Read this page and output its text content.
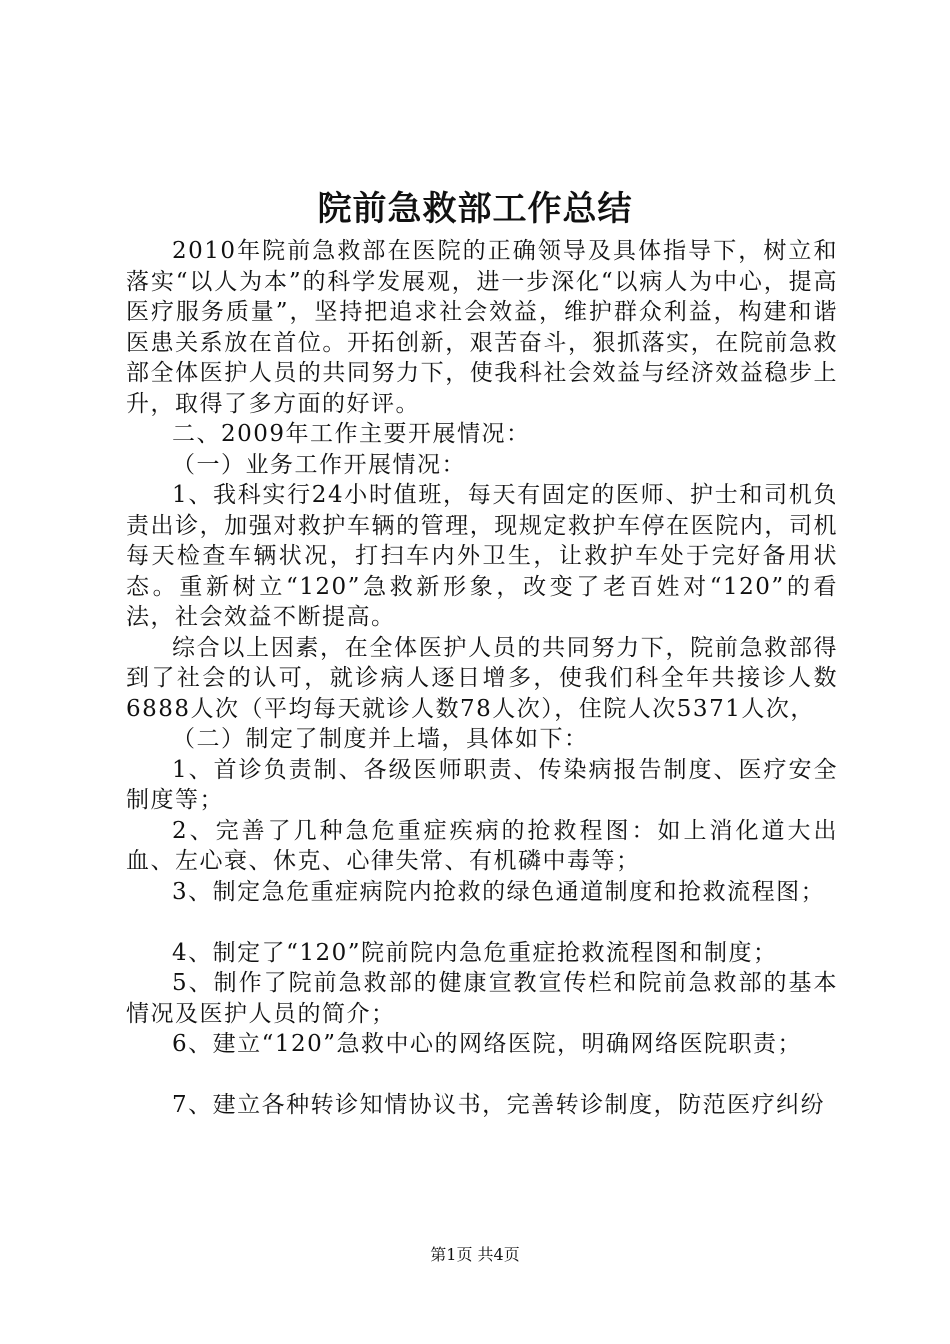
院前急救部工作总结

2010年院前急救部在医院的正确领导及具体指导下，树立和落实“以人为本”的科学发展观，进一步深化“以病人为中心，提高医疗服务质量”，坚持把追求社会效益，维护群众利益，构建和谐医患关系放在首位。开拓创新，艰苦奋斗，狠抓落实，在院前急救部全体医护人员的共同努力下，使我科社会效益与经济效益稳步上升，取得了多方面的好评。

二、2009年工作主要开展情况：

（一）业务工作开展情况：

1、我科实行24小时值班，每天有固定的医师、护士和司机负责出诊，加强对救护车辆的管理，现规定救护车停在医院内，司机每天检查车辆状况，打扫车内外卫生，让救护车处于完好备用状态。重新树立“120”急救新形象，改变了老百姓对“120”的看法，社会效益不断提高。

综合以上因素，在全体医护人员的共同努力下，院前急救部得到了社会的认可，就诊病人逐日增多，使我们科全年共接诊人数6888人次（平均每天就诊人数78人次），住院人次5371人次，

（二）制定了制度并上墙，具体如下：

1、首诊负责制、各级医师职责、传染病报告制度、医疗安全制度等；

2、完善了几种急危重症疾病的抢救程图：如上消化道大出血、左心衰、休克、心律失常、有机磷中毒等；

3、制定急危重症病院内抢救的绿色通道制度和抢救流程图；

4、制定了“120”院前院内急危重症抢救流程图和制度；

5、制作了院前急救部的健康宣教宣传栏和院前急救部的基本情况及医护人员的简介；

6、建立“120”急救中心的网络医院，明确网络医院职责；

7、建立各种转诊知情协议书，完善转诊制度，防范医疗纠纷

第1页 共4页
